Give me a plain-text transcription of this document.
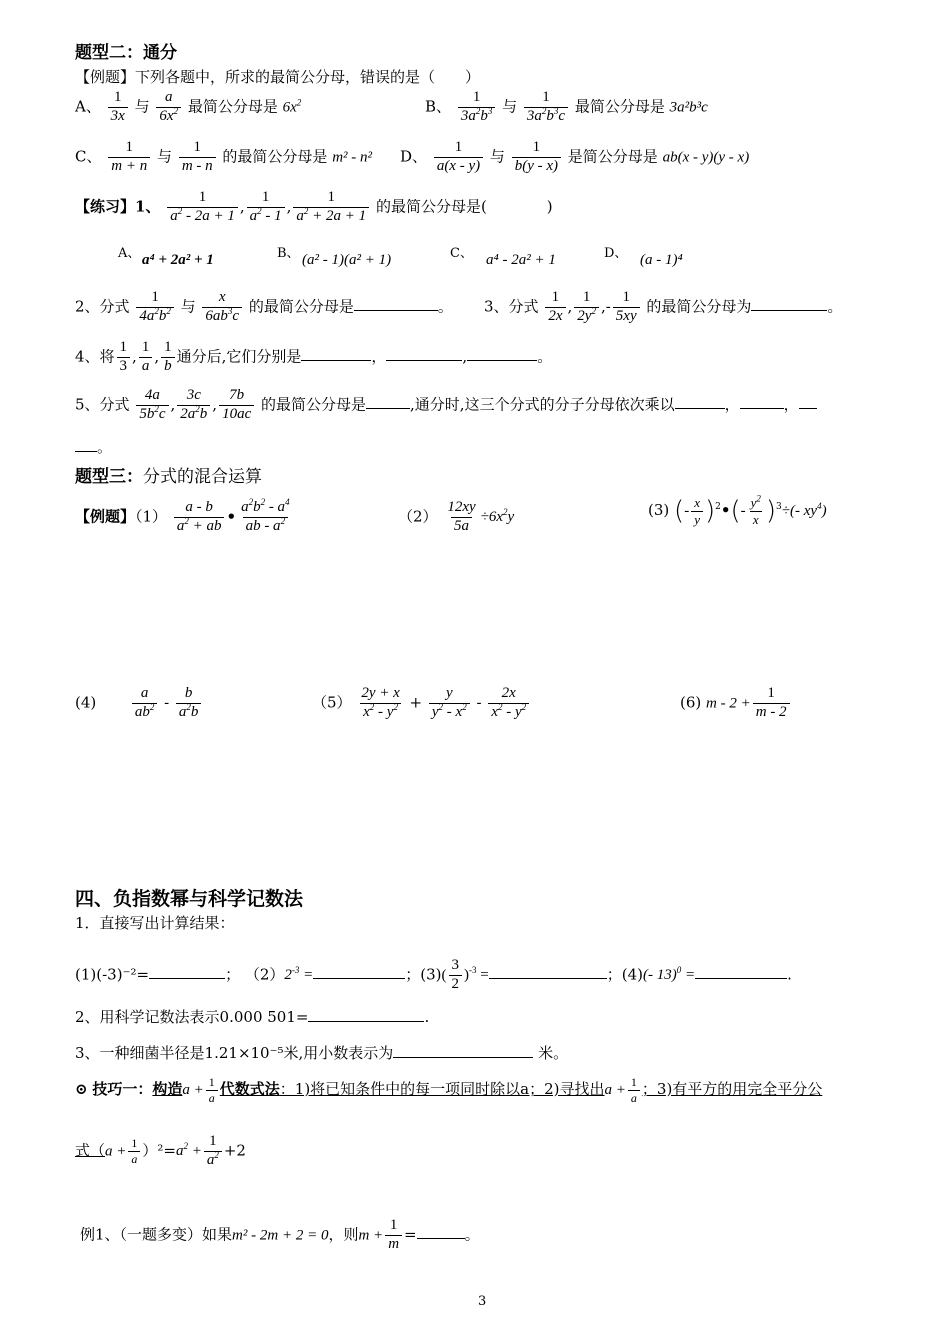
题型二：通分
【例题】下列各题中，所求的最简公分母，错误的是（　　）
A、 $\frac{1}{3x}$ 与 $\frac{a}{6x^2}$ 最简公分母是 $6x^2$	B、 $\frac{1}{3a^2b^3}$ 与 $\frac{1}{3a^2b^3c}$ 最简公分母是 3a²b³c
C、 $\frac{1}{m + n}$ 与 $\frac{1}{m - n}$ 的最简公分母是 m² - n² D、 $\frac{1}{a(x - y)}$ 与 $\frac{1}{b(y - x)}$ 是简公分母是 ab(x - y)(y - x)
【练习】1、 $\frac{1}{a^2 - 2a + 1}$ , $\frac{1}{a^2 - 1}$ , $\frac{1}{a^2 + 2a + 1}$ 的最简公分母是(　　　　)
A、 a⁴ + 2a² + 1	B、 (a² - 1)(a² + 1)	C、 a⁴ - 2a² + 1	D、 (a - 1)⁴
2、分式 $\frac{1}{4a^2b^2}$ 与 $\frac{x}{6ab^3c}$ 的最简公分母是	。 3、分式 $\frac{1}{2x}$ , $\frac{1}{2y^2}$ ,- $\frac{1}{5xy}$ 的最简公分母为	。
4、将 $\frac{1}{3}$ , $\frac{1}{a}$ , $\frac{1}{b}$ 通分后,它们分别是	，	,	。
5、分式 $\frac{4a}{5b^2c}$ , $\frac{3c}{2a^2b}$ , $\frac{7b}{10ac}$ 的最简公分母是	,通分时,这三个分式的分子分母依次乘以	，	，
。
题型三：分式的混合运算
【例题】$(1) \frac{a - b}{a^2 + ab}$ • $\frac{a^2b^2 - a^4}{ab - a^2}$	$(2) \frac{12xy}{5a} \div 6x^2y$	(3) (- $\frac{x}{y}$ )$^2$•(- $\frac{y^2}{x} )^3\div(-$ $xy^4$)
$(4) \frac{a}{ab^2} - \frac{b}{a^2b}$	$(5) \frac{2y + x}{x^2 - y^2} + \frac{y}{y^2 - x^2} - \frac{2x}{x^2 - y^2}$	(6) $m - 2 + \frac{1}{m - 2}$
四、负指数幂与科学记数法
1．直接写出计算结果：
(1)(-3)⁻²=	； $(2)2^{-3}$ =	；$(3)( \frac{3}{2} )^{-3}$ =	；(4)(- 13)$^0$ =	.
2、用科学记数法表示0.000 501=	.
3、一种细菌半径是1.21×10⁻⁵米,用小数表示为	米。
⊙ 技巧一：构造$a + \frac{1}{a}$ 代数式法：1)将已知条件中的每一项同时除以a；2)寻找出$a + \frac{1}{a}$ ；3)有平方的用完全平分公
式$(a + \frac{1}{a} )^2=a^2 + \frac{1}{a^2} +2$
例1、（一题多变）如果m² - 2m + 2 = 0，则$m + \frac{1}{m}$ =	。
3
